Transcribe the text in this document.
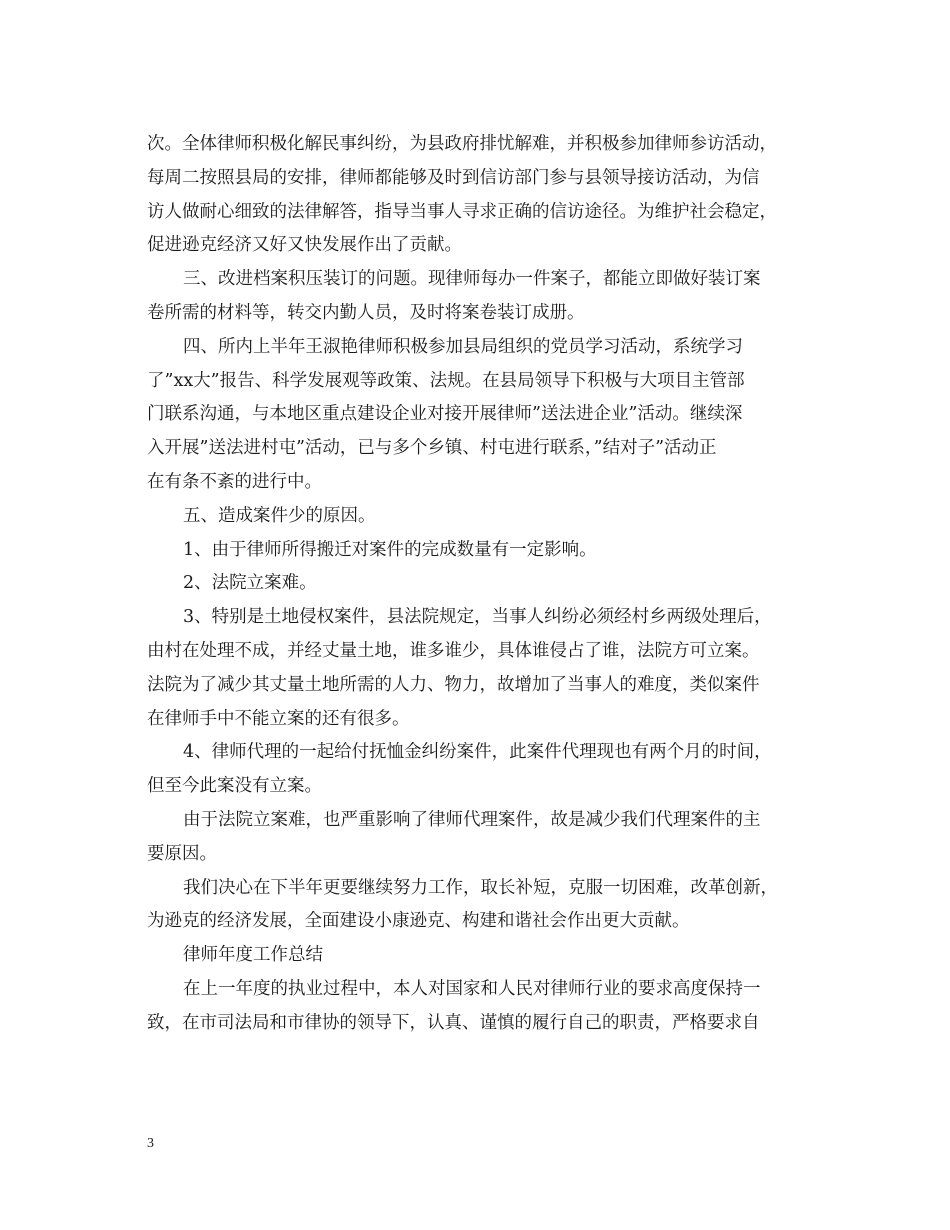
次。全体律师积极化解民事纠纷，为县政府排忧解难，并积极参加律师参访活动，
每周二按照县局的安排，律师都能够及时到信访部门参与县领导接访活动，为信
访人做耐心细致的法律解答，指导当事人寻求正确的信访途径。为维护社会稳定，
促进逊克经济又好又快发展作出了贡献。
三、改进档案积压装订的问题。现律师每办一件案子，都能立即做好装订案
卷所需的材料等，转交内勤人员，及时将案卷装订成册。
四、所内上半年王淑艳律师积极参加县局组织的党员学习活动，系统学习
了”xx大”报告、科学发展观等政策、法规。在县局领导下积极与大项目主管部
门联系沟通，与本地区重点建设企业对接开展律师”送法进企业”活动。继续深
入开展”送法进村屯”活动，已与多个乡镇、村屯进行联系，”结对子”活动正
在有条不紊的进行中。
五、造成案件少的原因。
1、由于律师所得搬迁对案件的完成数量有一定影响。
2、法院立案难。
3、特别是土地侵权案件，县法院规定，当事人纠纷必须经村乡两级处理后，
由村在处理不成，并经丈量土地，谁多谁少，具体谁侵占了谁，法院方可立案。
法院为了减少其丈量土地所需的人力、物力，故增加了当事人的难度，类似案件
在律师手中不能立案的还有很多。
4、律师代理的一起给付抚恤金纠纷案件，此案件代理现也有两个月的时间，
但至今此案没有立案。
由于法院立案难，也严重影响了律师代理案件，故是减少我们代理案件的主
要原因。
我们决心在下半年更要继续努力工作，取长补短，克服一切困难，改革创新，
为逊克的经济发展，全面建设小康逊克、构建和谐社会作出更大贡献。
律师年度工作总结
在上一年度的执业过程中，本人对国家和人民对律师行业的要求高度保持一
致，在市司法局和市律协的领导下，认真、谨慎的履行自己的职责，严格要求自
3
